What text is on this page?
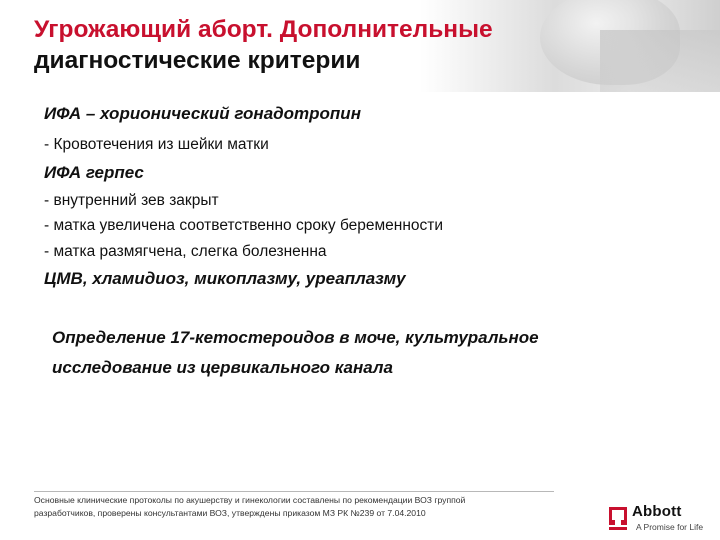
Угрожающий аборт. Дополнительные
диагностические критерии
ИФА – хорионический гонадотропин
- Кровотечения из шейки матки
ИФА герпес
- внутренний зев закрыт
- матка увеличена соответственно сроку беременности
- матка размягчена, слегка болезненна
ЦМВ, хламидиоз, микоплазму, уреаплазму
Определение 17-кетостероидов в моче, культуральное
исследование из цервикального канала
Основные клинические протоколы по акушерству и гинекологии составлены по рекомендации ВОЗ группой
разработчиков, проверены консультантами ВОЗ, утверждены приказом МЗ РК №239 от 7.04.2010	Abbott
A Promise for Life
